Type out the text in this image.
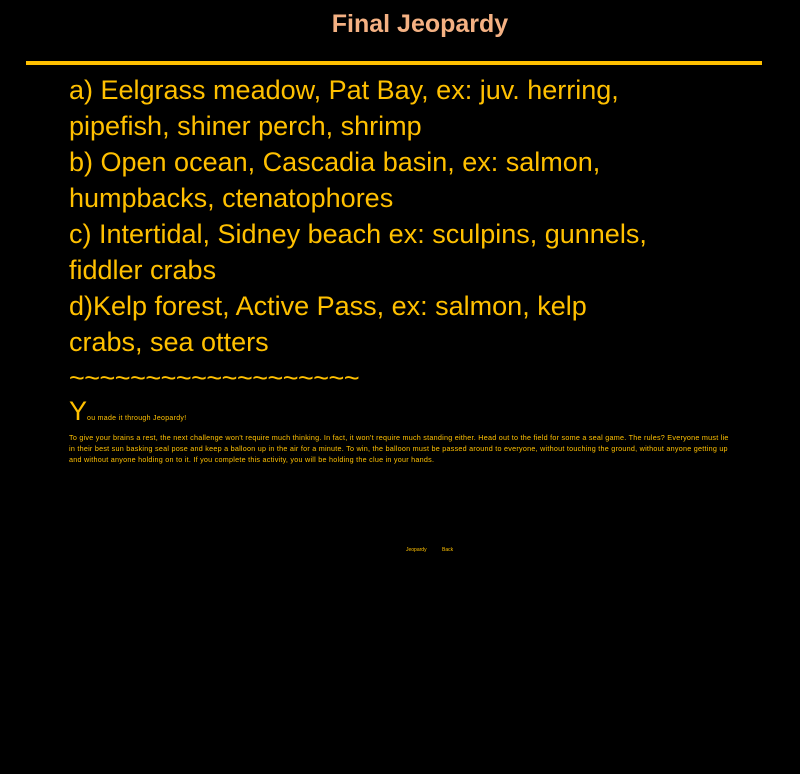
Final Jeopardy
a) Eelgrass meadow, Pat Bay, ex: juv. herring,
pipefish, shiner perch, shrimp
b) Open ocean, Cascadia basin, ex: salmon,
humpbacks, ctenatophores
c) Intertidal, Sidney beach ex: sculpins, gunnels,
fiddler crabs
d)Kelp forest, Active Pass, ex: salmon, kelp
crabs, sea otters
~~~~~~~~~~~~~~~~~~~
You made it through Jeopardy!
To give your brains a rest, the next challenge won't require much thinking. In fact, it won't require much standing either. Head out to the field for some a seal game. The rules? Everyone must lie in their best sun basking seal pose and keep a balloon up in the air for a minute. To win, the balloon must be passed around to everyone, without touching the ground, without anyone getting up and without anyone holding on to it. If you complete this activity, you will be holding the clue in your hands.
Jeopardy	Back
